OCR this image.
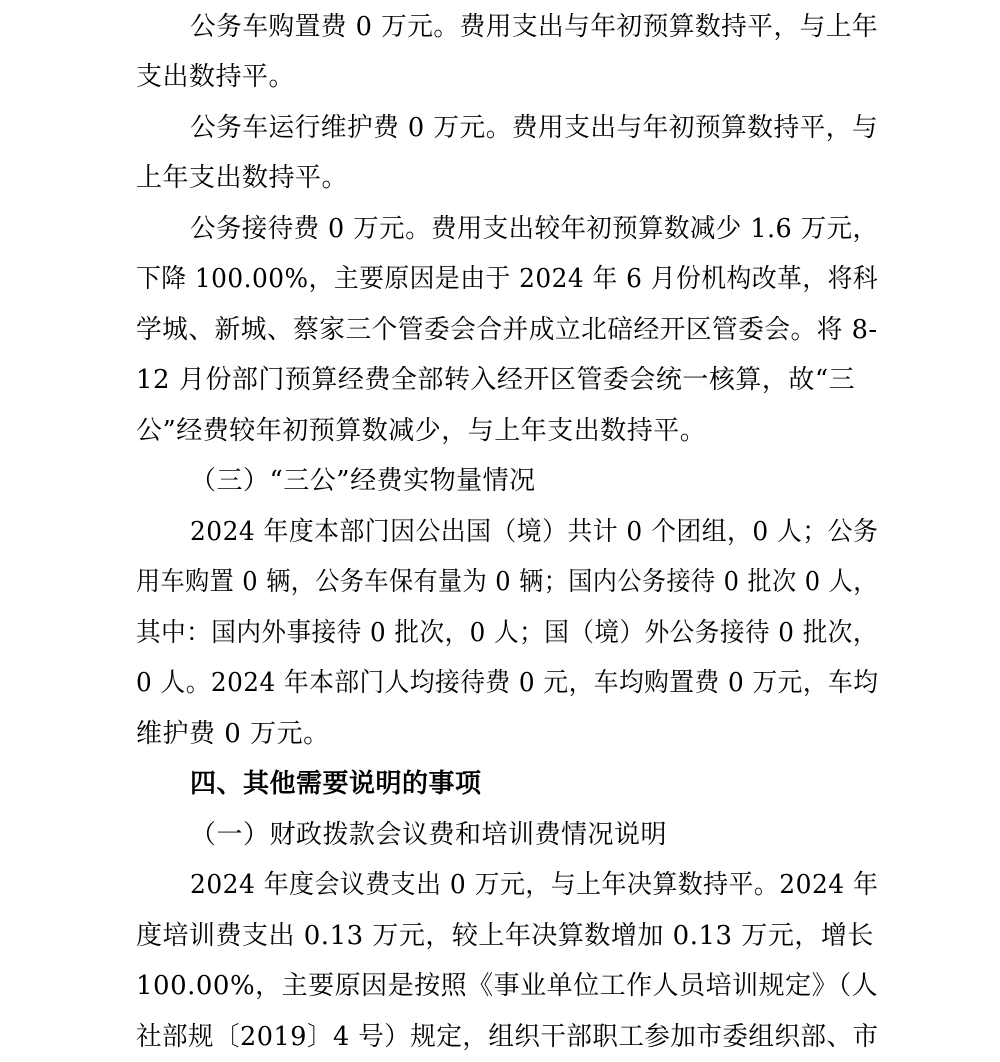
公务车购置费 0 万元。费用支出与年初预算数持平，与上年
支出数持平。
公务车运行维护费 0 万元。费用支出与年初预算数持平，与
上年支出数持平。
公务接待费 0 万元。费用支出较年初预算数减少 1.6 万元，
下降 100.00%，主要原因是由于 2024 年 6 月份机构改革，将科
学城、新城、蔡家三个管委会合并成立北碚经开区管委会。将 8-
12 月份部门预算经费全部转入经开区管委会统一核算，故“三
公”经费较年初预算数减少，与上年支出数持平。
（三）“三公”经费实物量情况
2024 年度本部门因公出国（境）共计 0 个团组，0 人；公务
用车购置 0 辆，公务车保有量为 0 辆；国内公务接待 0 批次 0 人，
其中：国内外事接待 0 批次，0 人；国（境）外公务接待 0 批次，
0 人。2024 年本部门人均接待费 0 元，车均购置费 0 万元，车均
维护费 0 万元。
四、其他需要说明的事项
（一）财政拨款会议费和培训费情况说明
2024 年度会议费支出 0 万元，与上年决算数持平。2024 年
度培训费支出 0.13 万元，较上年决算数增加 0.13 万元，增长
100.00%，主要原因是按照《事业单位工作人员培训规定》（人
社部规〔2019〕4 号）规定，组织干部职工参加市委组织部、市
